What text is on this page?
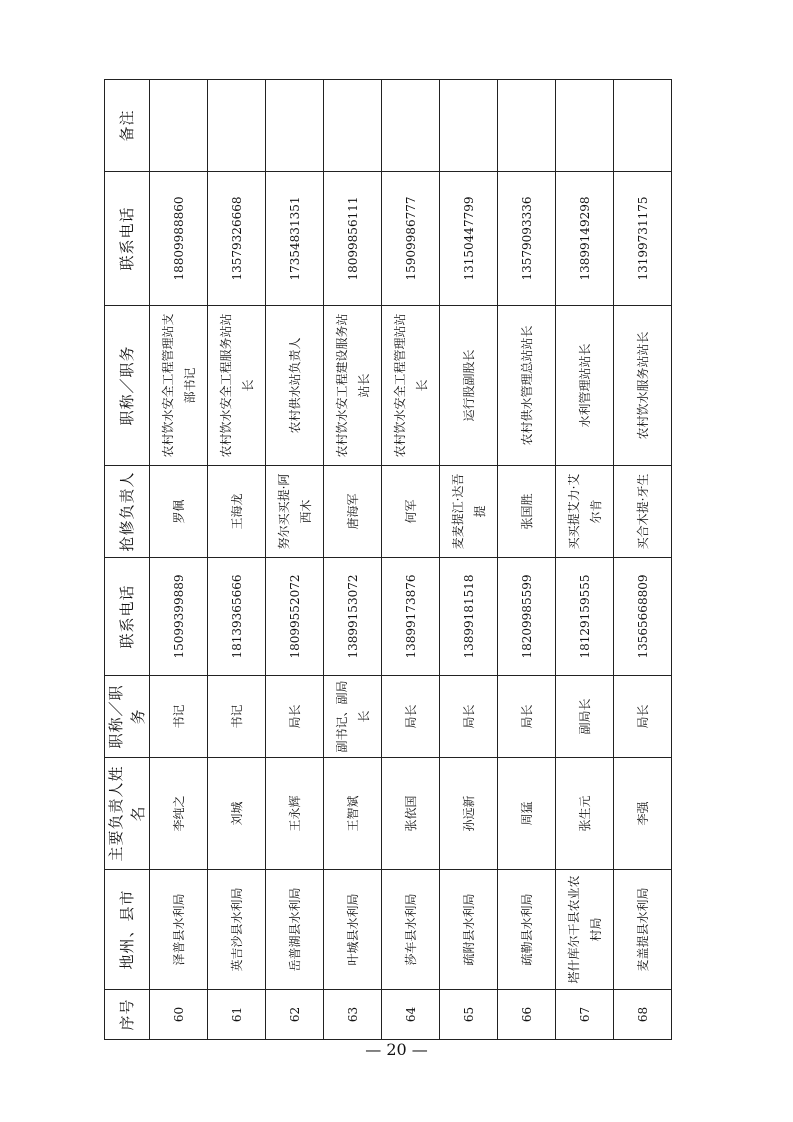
序号	地州、县市	主要负责人姓名	职称／职务	联系电话	抢修负责人	职称／职务	联系电话	备注
60	泽普县水利局	李纯之	书记	15099399889	罗佩	农村饮水安全工程管理站支部书记	18809988860	
61	英吉沙县水利局	刘城	书记	18139365666	王海龙	农村饮水安全工程服务站站长	13579326668	
62	岳普湖县水利局	王永辉	局长	18099552072	努尔买买提·阿西木	农村供水站负责人	17354831351	
63	叶城县水利局	王智斌	副书记、副局长	13899153072	唐海军	农村饮水安工程建设服务站站长	18099856111	
64	莎车县水利局	张依国	局长	13899173876	何军	农村饮水安全工程管理站站长	15909986777	
65	疏附县水利局	孙远新	局长	13899181518	麦麦提江·达吾提	运行股副股长	13150447799	
66	疏勒县水利局	周猛	局长	18209985599	张国胜	农村供水管理总站站长	13579093336	
67	塔什库尔干县农业农村局	张生元	副局长	18129159555	买买提艾力·艾尔肯	水利管理站站长	13899149298	
68	麦盖提县水利局	李强	局长	13565668809	买合木提·牙生	农村饮水服务站站长	13199731175	
— 20 —
